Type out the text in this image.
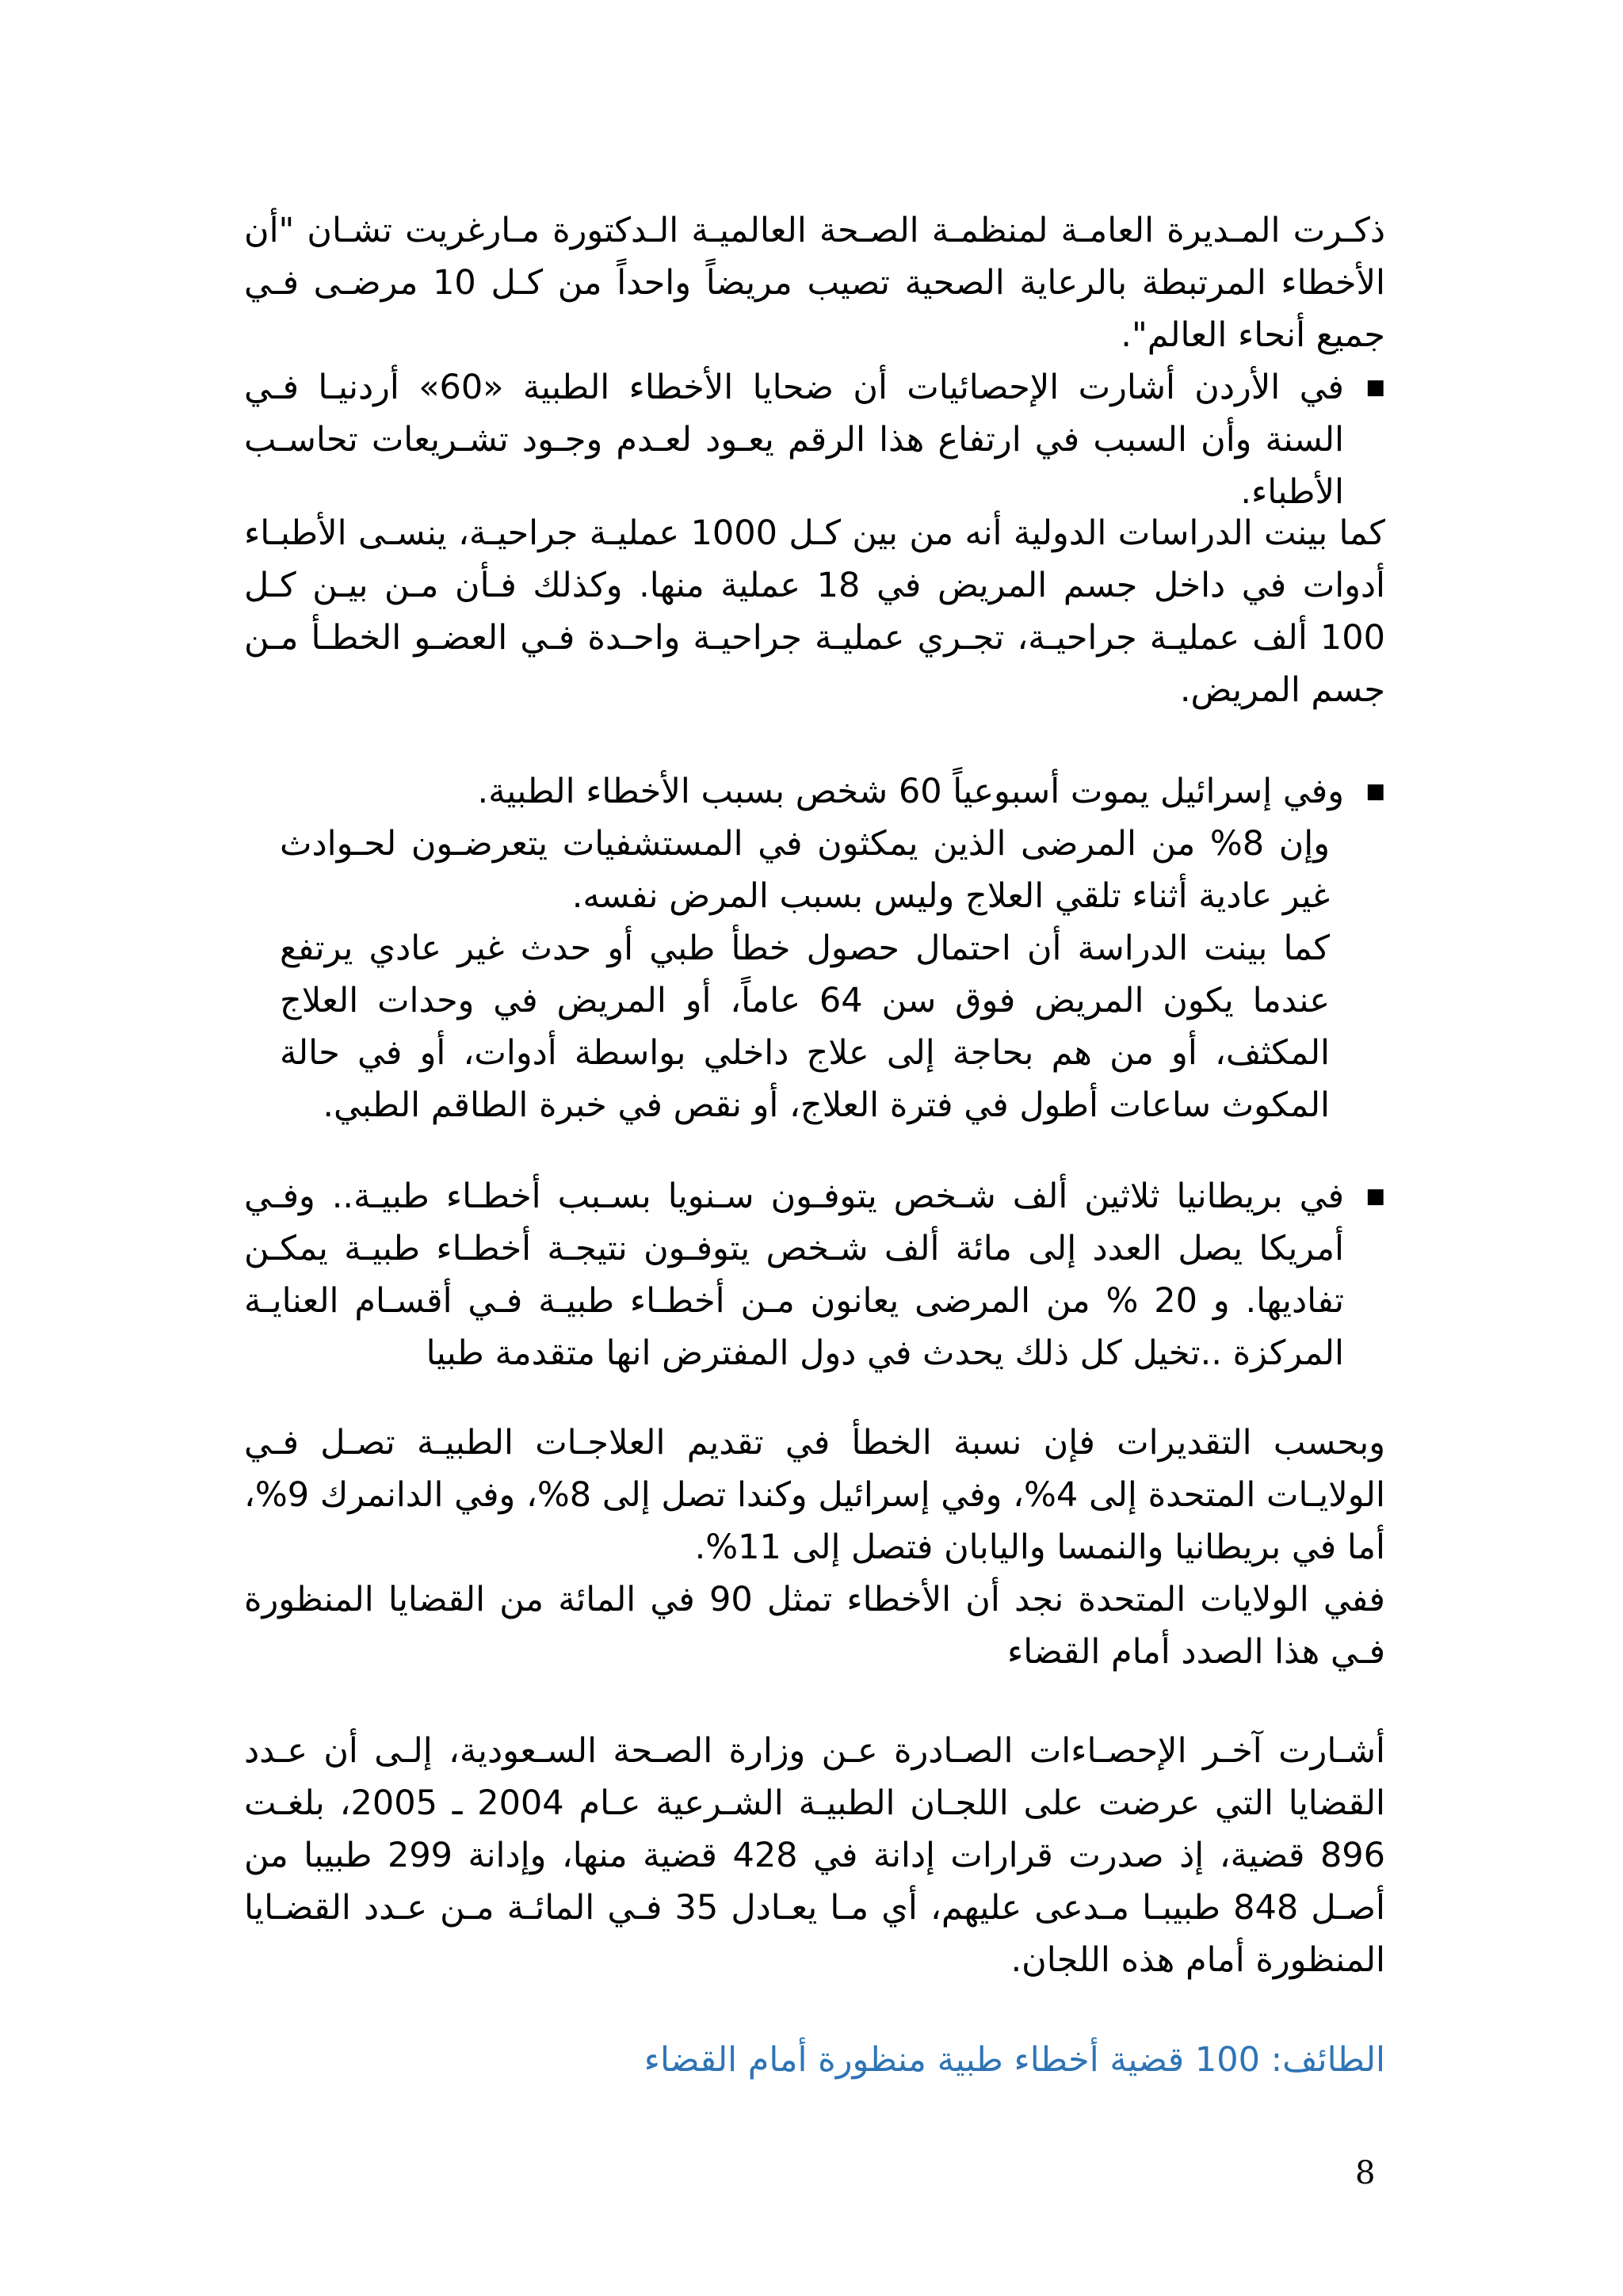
ذكـرت المـديرة العامـة لمنظمـة الصـحة العالميـة الـدكتورة مـارغريت تشـان "أن الأخطاء المرتبطة بالرعاية الصحية تصيب مريضاً واحداً من كـل 10 مرضـى فـي جميع أنحاء العالم".

■
في الأردن أشارت الإحصائيات أن ضحايا الأخطاء الطبية «60» أردنيـا فـي السنة وأن السبب في ارتفاع هذا الرقم يعـود لعـدم وجـود تشـريعات تحاسـب الأطباء.

كما بينت الدراسات الدولية أنه من بين كـل 1000 عمليـة جراحيـة، ينسـى الأطبـاء أدوات في داخل جسم المريض في 18 عملية منها. وكذلك فـأن مـن بيـن كـل 100 ألف عمليـة جراحيـة، تجـري عمليـة جراحيـة واحـدة فـي العضـو الخطـأ مـن جسم المريض.

■
وفي إسرائيل يموت أسبوعياً 60 شخص بسبب الأخطاء الطبية.
وإن 8% من المرضى الذين يمكثون في المستشفيات يتعرضـون لحـوادث غير عادية أثناء تلقي العلاج وليس بسبب المرض نفسه.
كما بينت الدراسة أن احتمال حصول خطأ طبي أو حدث غير عادي يرتفع عندما يكون المريض فوق سن 64 عاماً، أو المريض في وحدات العلاج المكثف، أو من هم بحاجة إلى علاج داخلي بواسطة أدوات، أو في حالة المكوث ساعات أطول في فترة العلاج، أو نقص في خبرة الطاقم الطبي.
■
في بريطانيا ثلاثين ألف شـخص يتوفـون سـنويا بسـبب أخطـاء طبيـة.. وفـي أمريكا يصل العدد إلى مائة ألف شـخص يتوفـون نتيجـة أخطـاء طبيـة يمكـن تفاديها. و 20 % من المرضى يعانون مـن أخطـاء طبيـة فـي أقسـام العنايـة المركزة ..تخيل كل ذلك يحدث في دول المفترض انها متقدمة طبيا

وبحسب التقديرات فإن نسبة الخطأ في تقديم العلاجـات الطبيـة تصـل فـي الولايـات المتحدة إلى 4%، وفي إسرائيل وكندا تصل إلى 8%، وفي الدانمرك 9%، أما في بريطانيا والنمسا واليابان فتصل إلى 11%.

ففي الولايات المتحدة نجد أن الأخطاء تمثل 90 في المائة من القضايا المنظورة فـي هذا الصدد أمام القضاء

أشـارت آخـر الإحصـاءات الصـادرة عـن وزارة الصـحة السـعودية، إلـى أن عـدد القضايا التي عرضت على اللجـان الطبيـة الشـرعية عـام 2004 ـ 2005، بلغـت 896 قضية، إذ صدرت قرارات إدانة في 428 قضية منها، وإدانة 299 طبيبا من أصـل 848 طبيبـا مـدعى عليهم، أي مـا يعـادل 35 فـي المائـة مـن عـدد القضـايا المنظورة أمام هذه اللجان.

الطائف: 100 قضية أخطاء طبية منظورة أمام القضاء

8
